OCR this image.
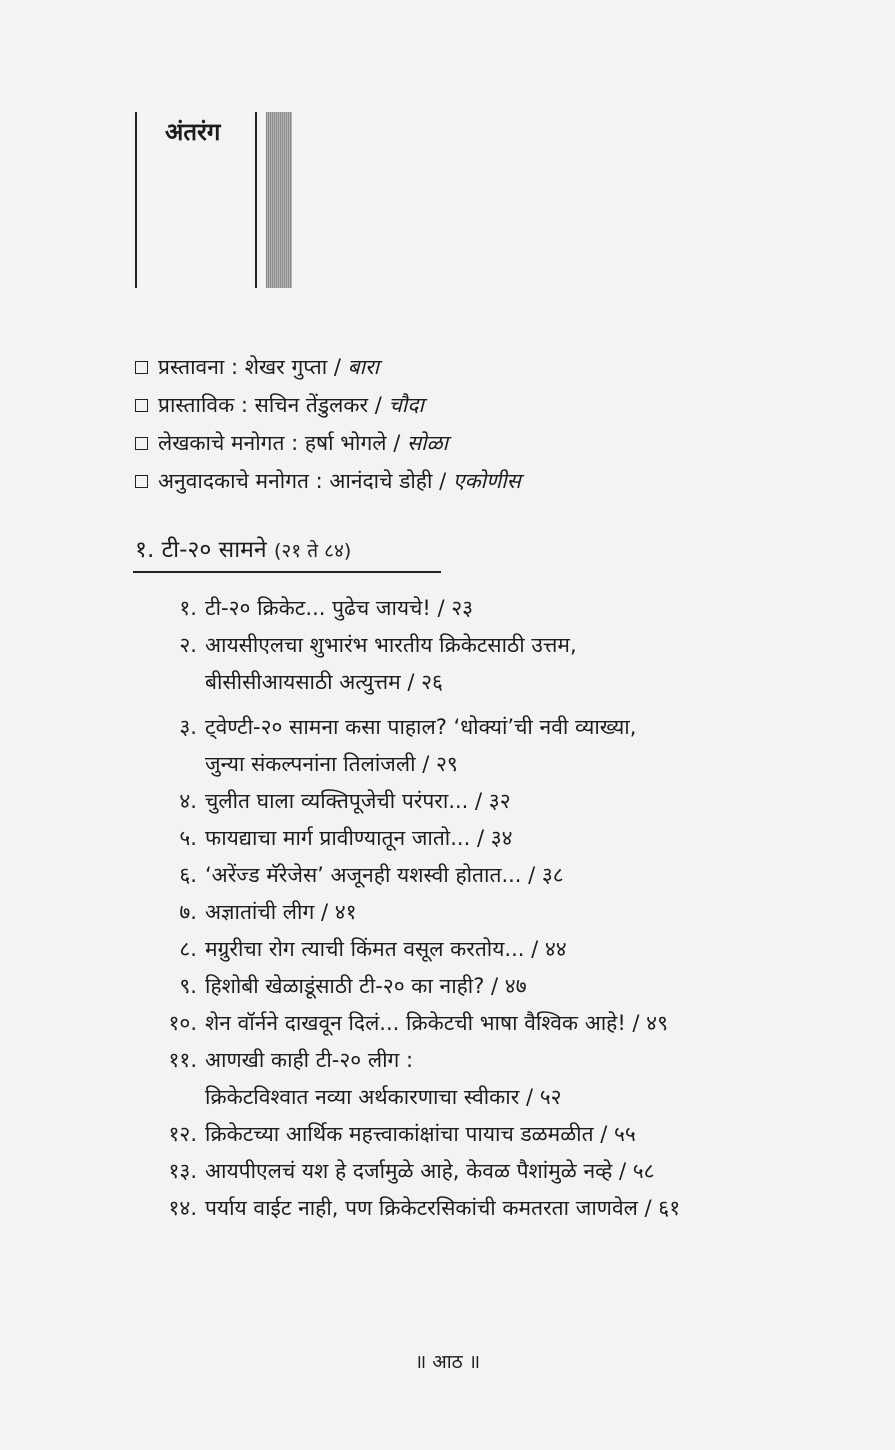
अंतरंग
प्रस्तावना : शेखर गुप्ता / बारा
प्रास्ताविक : सचिन तेंडुलकर / चौदा
लेखकाचे मनोगत : हर्षा भोगले / सोळा
अनुवादकाचे मनोगत : आनंदाचे डोही / एकोणीस
१. टी-२० सामने (२१ ते ८४)
१. टी-२० क्रिकेट... पुढेच जायचे! / २३
२. आयसीएलचा शुभारंभ भारतीय क्रिकेटसाठी उत्तम,
बीसीसीआयसाठी अत्युत्तम / २६
३. ट्वेण्टी-२० सामना कसा पाहाल? ‘धोक्यां’ची नवी व्याख्या,
जुन्या संकल्पनांना तिलांजली / २९
४. चुलीत घाला व्यक्तिपूजेची परंपरा... / ३२
५. फायद्याचा मार्ग प्रावीण्यातून जातो... / ३४
६. ‘अरेंज्ड मॅरेजेस’ अजूनही यशस्वी होतात... / ३८
७. अज्ञातांची लीग / ४१
८. मग्रुरीचा रोग त्याची किंमत वसूल करतोय... / ४४
९. हिशोबी खेळाडूंसाठी टी-२० का नाही? / ४७
१०. शेन वॉर्नने दाखवून दिलं... क्रिकेटची भाषा वैश्विक आहे! / ४९
११. आणखी काही टी-२० लीग :
क्रिकेटविश्वात नव्या अर्थकारणाचा स्वीकार / ५२
१२. क्रिकेटच्या आर्थिक महत्त्वाकांक्षांचा पायाच डळमळीत / ५५
१३. आयपीएलचं यश हे दर्जामुळे आहे, केवळ पैशांमुळे नव्हे / ५८
१४. पर्याय वाईट नाही, पण क्रिकेटरसिकांची कमतरता जाणवेल / ६१
॥ आठ ॥
